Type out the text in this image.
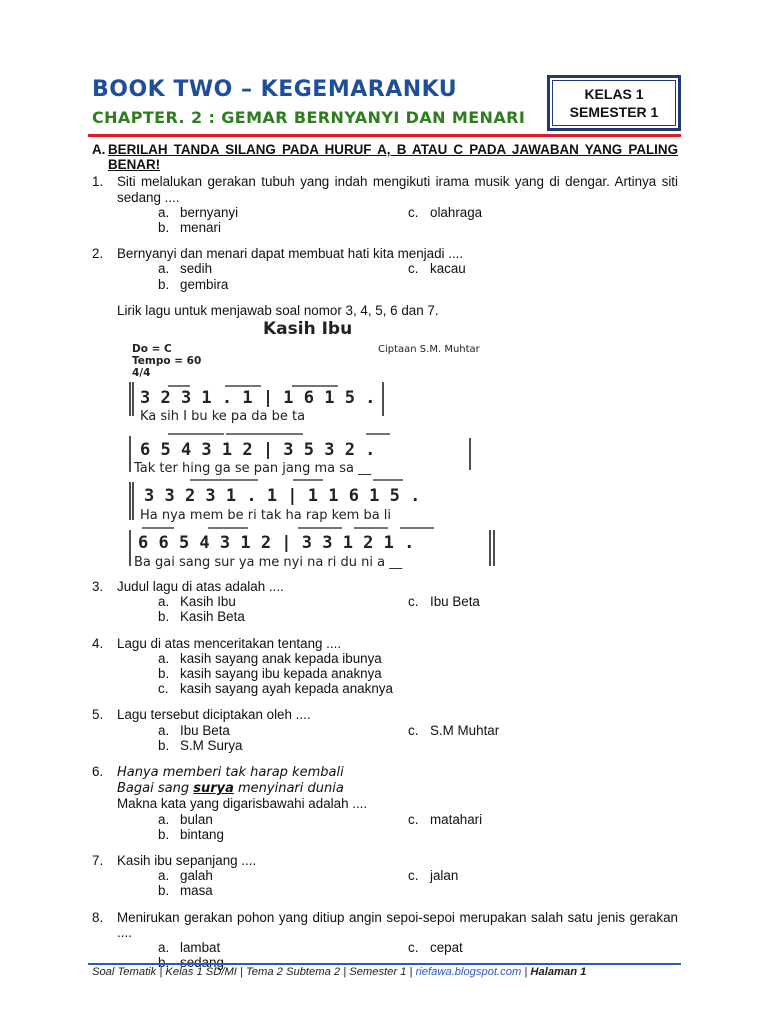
BOOK TWO – KEGEMARANKU
CHAPTER. 2 : GEMAR BERNYANYI DAN MENARI
KELAS 1
SEMESTER 1
A. BERILAH TANDA SILANG PADA HURUF A, B ATAU C PADA JAWABAN YANG PALING BENAR!
1.	Siti melalukan gerakan tubuh yang indah mengikuti irama musik yang di dengar. Artinya siti sedang ....
a. bernyanyi	c. olahraga
b. menari
2.	Bernyanyi dan menari dapat membuat hati kita menjadi ....
a. sedih	c. kacau
b. gembira
Lirik lagu untuk menjawab soal nomor 3, 4, 5, 6 dan 7.
3.	Judul lagu di atas adalah ....
a. Kasih Ibu	c. Ibu Beta
b. Kasih Beta
4.	Lagu di atas menceritakan tentang ....
a. kasih sayang anak kepada ibunya
b. kasih sayang ibu kepada anaknya
c. kasih sayang ayah kepada anaknya
5.	Lagu tersebut diciptakan oleh ....
a. Ibu Beta	c. S.M Muhtar
b. S.M Surya
6.	Hanya memberi tak harap kembali
Bagai sang surya menyinari dunia
Makna kata yang digarisbawahi adalah ....
a. bulan	c. matahari
b. bintang
7.	Kasih ibu sepanjang ....
a. galah	c. jalan
b. masa
8.	Menirukan gerakan pohon yang ditiup angin sepoi-sepoi merupakan salah satu jenis gerakan ....
a. lambat	c. cepat
Kasih Ibu
Do = C
Tempo = 60
4/4
Ciptaan S.M. Muhtar
3 2 3 1 . 1 | 1 6 1 5 .
Ka sih I bu ke pa da be ta
6 5 4 3 1 2 | 3 5 3 2 .
Tak ter hing ga se pan jang ma sa __
3 3 2 3 1 . 1 | 1 1 6 1 5 .
Ha nya mem be ri tak ha rap kem ba li
6 6 5 4 3 1 2 | 3 3 1 2 1 .
Ba gai sang sur ya me nyi na ri du ni a __
Soal Tematik | Kelas 1 SD/MI | Tema 2 Subtema 2 | Semester 1 | riefawa.blogspot.com | Halaman 1
